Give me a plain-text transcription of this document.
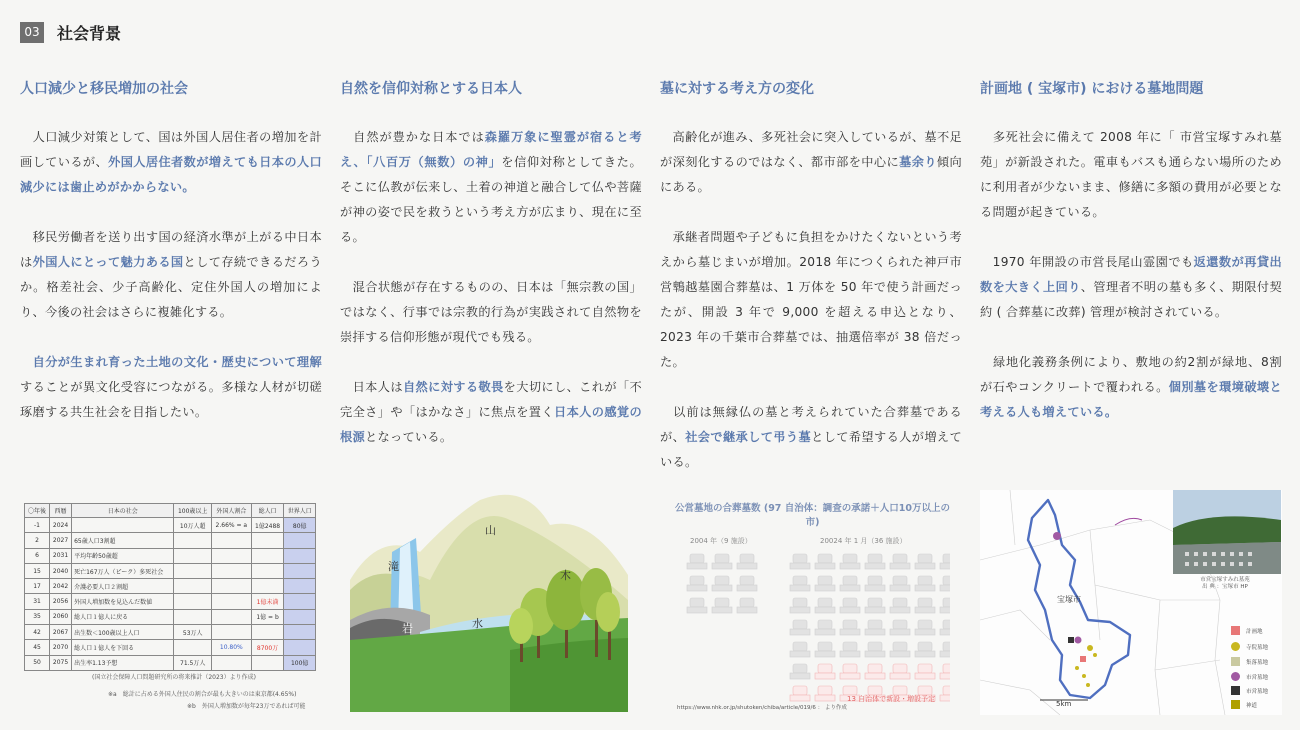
03 社会背景
人口減少と移民増加の社会

　人口減少対策として、国は外国人居住者の増加を計画しているが、外国人居住者数が増えても日本の人口減少には歯止めがかからない。

　移民労働者を送り出す国の経済水準が上がる中日本は外国人にとって魅力ある国として存続できるだろうか。格差社会、少子高齢化、定住外国人の増加により、今後の社会はさらに複雑化する。

　自分が生まれ育った土地の文化・歴史について理解することが異文化受容につながる。多様な人材が切磋琢磨する共生社会を目指したい。

自然を信仰対称とする日本人

　自然が豊かな日本では森羅万象に聖霊が宿ると考え、「八百万（無数）の神」を信仰対称としてきた。そこに仏教が伝来し、土着の神道と融合して仏や菩薩が神の姿で民を救うという考え方が広まり、現在に至る。

　混合状態が存在するものの、日本は「無宗教の国」ではなく、行事では宗教的行為が実践されて自然物を崇拝する信仰形態が現代でも残る。

　日本人は自然に対する敬畏を大切にし、これが「不完全さ」や「はかなさ」に焦点を置く日本人の感覚の根源となっている。

墓に対する考え方の変化

　高齢化が進み、多死社会に突入しているが、墓不足が深刻化するのではなく、都市部を中心に墓余り傾向にある。

　承継者問題や子どもに負担をかけたくないという考えから墓じまいが増加。2018 年につくられた神戸市営鵯越墓園合葬墓は、1 万体を 50 年で使う計画だったが、開設 3 年で 9,000 を超える申込となり、2023 年の千葉市合葬墓では、抽選倍率が 38 倍だった。

　以前は無縁仏の墓と考えられていた合葬墓であるが、社会で継承して弔う墓として希望する人が増えている。

計画地 ( 宝塚市) における墓地問題

　多死社会に備えて 2008 年に「 市営宝塚すみれ墓苑」が新設された。電車もバスも通らない場所のために利用者が少ないまま、修繕に多額の費用が必要となる問題が起きている。

　1970 年開設の市営長尾山霊園でも返還数が再貸出数を大きく上回り、管理者不明の墓も多く、期限付契約 ( 合葬墓に改葬) 管理が検討されている。

　緑地化義務条例により、敷地の約2割が緑地、8割が石やコンクリートで覆われる。個別墓を環境破壊と考える人も増えている。

〇年後	西暦	日本の社会	100歳以上	外国人割合	総人口	世界人口
-1	2024		10万人超	2.66% = a	1億2488	80億
2	2027	65歳人口3割超				
6	2031	平均年齢50歳超				
15	2040	死亡167万人（ピーク）多死社会				
17	2042	介護必要人口２割超				
31	2056	外国人増加数を見込んだ数値			1億未満	
35	2060	総人口１億人に戻る			1億 = b	
42	2067	出生数＜100歳以上人口	53万人			
45	2070	総人口１億人を下回る		10.80%	8700万	
50	2075	出生率1.13予想	71.5万人			100億
(国立社会保障人口問題研究所の将来推計（2023）より作成)
※a　総計に占める外国人住民の割合が最も大きいのは東京都(4.65%)
※b　外国人増加数が毎年23万であれば可能
山
滝
木
岩	水
公営墓地の合葬墓数 (97 自治体：調査の承諾＋人口10万以上の市)
2004 年（9 施設）	20024 年 1 月（36 施設）
13 自治体で新設・増設予定
https://www.nhk.or.jp/shutoken/chiba/article/019/6 ： より作成
宝塚市
5km
市営宝塚すみれ墓苑
出 典 ：宝塚市 HP
計画地
寺院墓地
集落墓地
市営墓地
市営墓地
神道
